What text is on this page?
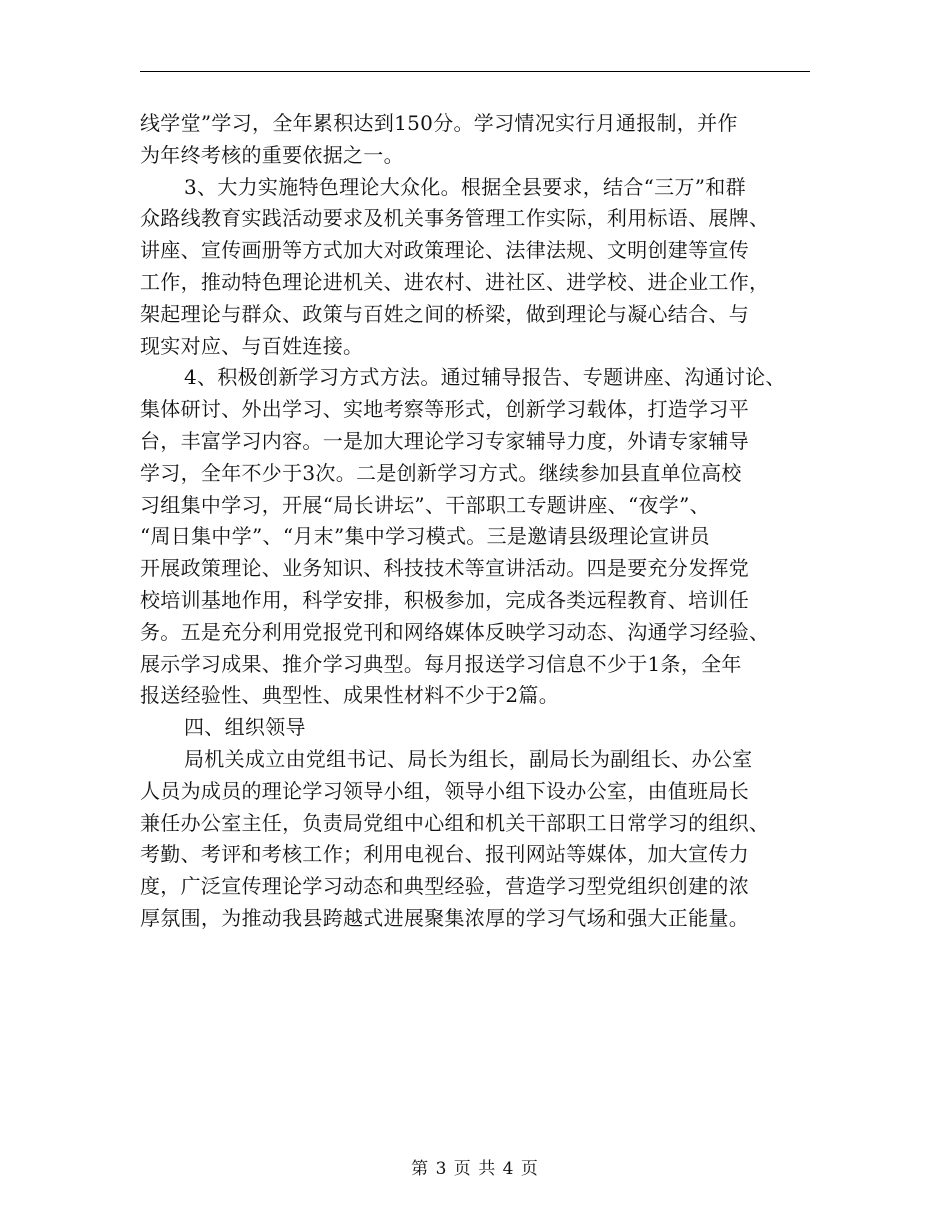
线学堂”学习，全年累积达到150分。学习情况实行月通报制，并作
为年终考核的重要依据之一。
3、大力实施特色理论大众化。根据全县要求，结合“三万”和群
众路线教育实践活动要求及机关事务管理工作实际，利用标语、展牌、
讲座、宣传画册等方式加大对政策理论、法律法规、文明创建等宣传
工作，推动特色理论进机关、进农村、进社区、进学校、进企业工作，
架起理论与群众、政策与百姓之间的桥梁，做到理论与凝心结合、与
现实对应、与百姓连接。
4、积极创新学习方式方法。通过辅导报告、专题讲座、沟通讨论、
集体研讨、外出学习、实地考察等形式，创新学习载体，打造学习平
台，丰富学习内容。一是加大理论学习专家辅导力度，外请专家辅导
学习，全年不少于3次。二是创新学习方式。继续参加县直单位高校
习组集中学习，开展“局长讲坛”、干部职工专题讲座、“夜学”、
“周日集中学”、“月末”集中学习模式。三是邀请县级理论宣讲员
开展政策理论、业务知识、科技技术等宣讲活动。四是要充分发挥党
校培训基地作用，科学安排，积极参加，完成各类远程教育、培训任
务。五是充分利用党报党刊和网络媒体反映学习动态、沟通学习经验、
展示学习成果、推介学习典型。每月报送学习信息不少于1条，全年
报送经验性、典型性、成果性材料不少于2篇。
四、组织领导
局机关成立由党组书记、局长为组长，副局长为副组长、办公室
人员为成员的理论学习领导小组，领导小组下设办公室，由值班局长
兼任办公室主任，负责局党组中心组和机关干部职工日常学习的组织、
考勤、考评和考核工作；利用电视台、报刊网站等媒体，加大宣传力
度，广泛宣传理论学习动态和典型经验，营造学习型党组织创建的浓
厚氛围，为推动我县跨越式进展聚集浓厚的学习气场和强大正能量。
第 3 页 共 4 页
